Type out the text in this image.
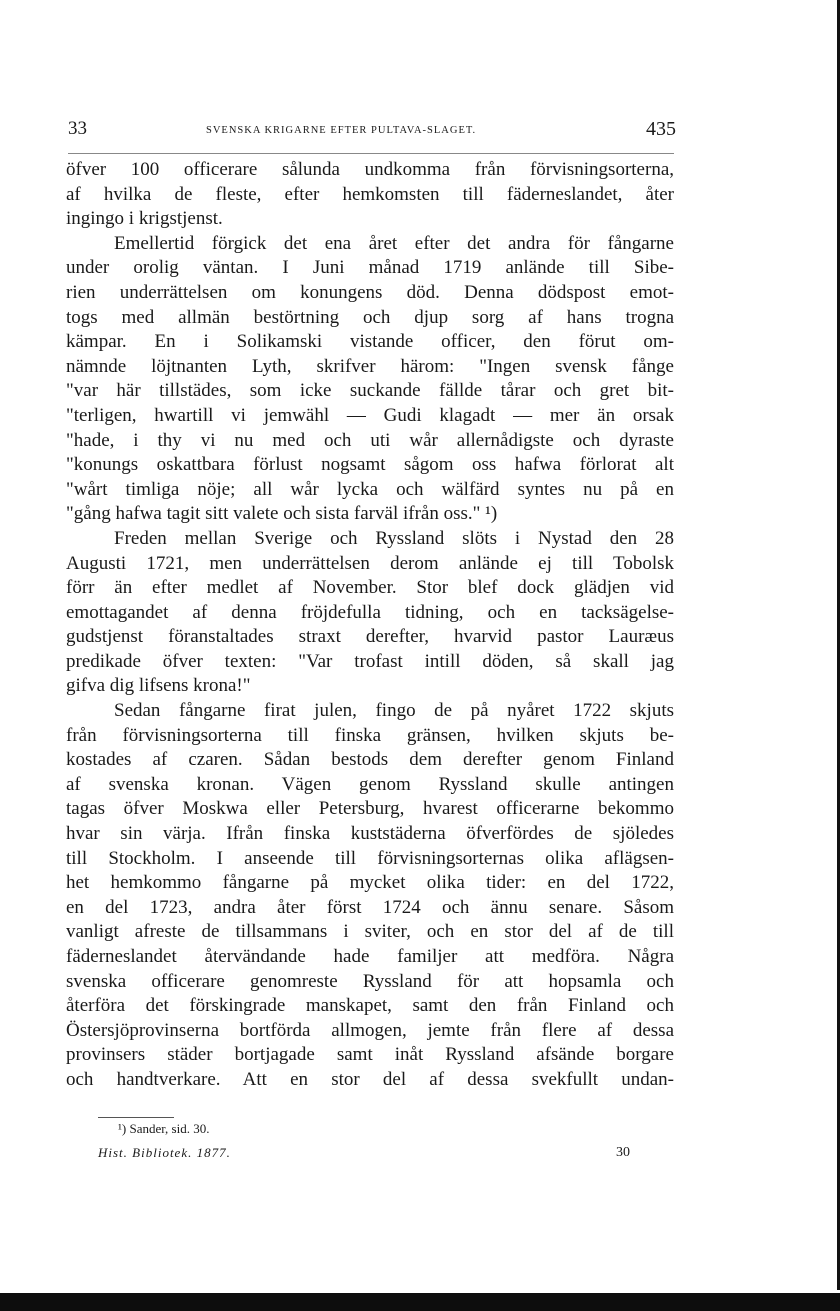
33	SVENSKA KRIGARNE EFTER PULTAVA-SLAGET.	435
öfver 100 officerare sålunda undkomma från förvisningsorterna,
af hvilka de fleste, efter hemkomsten till fäderneslandet, åter
ingingo i krigstjenst.
Emellertid förgick det ena året efter det andra för fångarne
under orolig väntan. I Juni månad 1719 anlände till Sibe-
rien underrättelsen om konungens död. Denna dödspost emot-
togs med allmän bestörtning och djup sorg af hans trogna
kämpar. En i Solikamski vistande officer, den förut om-
nämnde löjtnanten Lyth, skrifver härom: "Ingen svensk fånge
"var här tillstädes, som icke suckande fällde tårar och gret bit-
"terligen, hwartill vi jemwähl — Gudi klagadt — mer än orsak
"hade, i thy vi nu med och uti wår allernådigste och dyraste
"konungs oskattbara förlust nogsamt sågom oss hafwa förlorat alt
"wårt timliga nöje; all wår lycka och wälfärd syntes nu på en
"gång hafwa tagit sitt valete och sista farväl ifrån oss." ¹)
Freden mellan Sverige och Ryssland slöts i Nystad den 28
Augusti 1721, men underrättelsen derom anlände ej till Tobolsk
förr än efter medlet af November. Stor blef dock glädjen vid
emottagandet af denna fröjdefulla tidning, och en tacksägelse-
gudstjenst föranstaltades straxt derefter, hvarvid pastor Lauræus
predikade öfver texten: "Var trofast intill döden, så skall jag
gifva dig lifsens krona!"
Sedan fångarne firat julen, fingo de på nyåret 1722 skjuts
från förvisningsorterna till finska gränsen, hvilken skjuts be-
kostades af czaren. Sådan bestods dem derefter genom Finland
af svenska kronan. Vägen genom Ryssland skulle antingen
tagas öfver Moskwa eller Petersburg, hvarest officerarne bekommo
hvar sin värja. Ifrån finska kuststäderna öfverfördes de sjöledes
till Stockholm. I anseende till förvisningsorternas olika aflägsen-
het hemkommo fångarne på mycket olika tider: en del 1722,
en del 1723, andra åter först 1724 och ännu senare. Såsom
vanligt afreste de tillsammans i sviter, och en stor del af de till
fäderneslandet återvändande hade familjer att medföra. Några
svenska officerare genomreste Ryssland för att hopsamla och
återföra det förskingrade manskapet, samt den från Finland och
Östersjöprovinserna bortförda allmogen, jemte från flere af dessa
provinsers städer bortjagade samt inåt Ryssland afsände borgare
och handtverkare. Att en stor del af dessa svekfullt undan-
¹) Sander, sid. 30.
Hist. Bibliotek. 1877.	30
